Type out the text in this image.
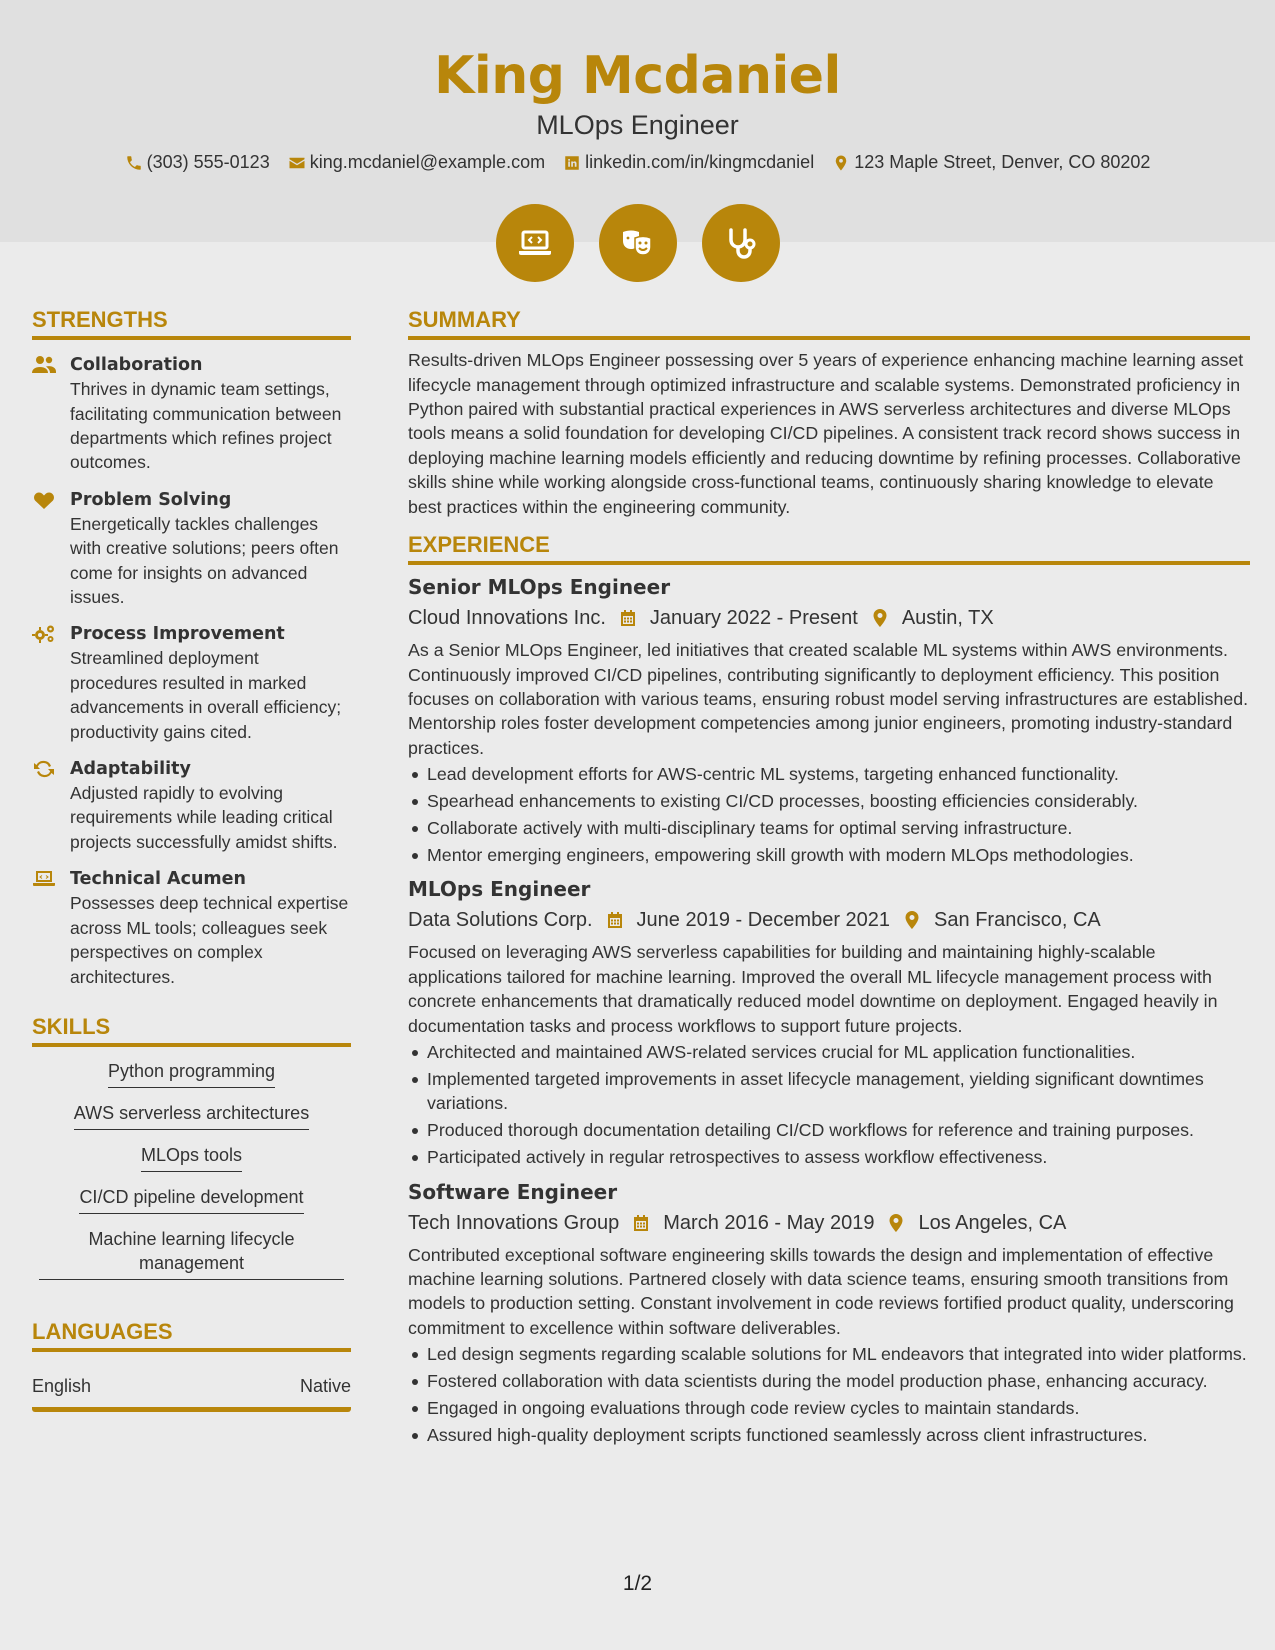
King Mcdaniel
MLOps Engineer
(303) 555-0123 king.mcdaniel@example.com linkedin.com/in/kingmcdaniel 123 Maple Street, Denver, CO 80202
STRENGTHS
Collaboration
Thrives in dynamic team settings, facilitating communication between departments which refines project outcomes.
Problem Solving
Energetically tackles challenges with creative solutions; peers often come for insights on advanced issues.
Process Improvement
Streamlined deployment procedures resulted in marked advancements in overall efficiency; productivity gains cited.
Adaptability
Adjusted rapidly to evolving requirements while leading critical projects successfully amidst shifts.
Technical Acumen
Possesses deep technical expertise across ML tools; colleagues seek perspectives on complex architectures.
SKILLS
Python programming
AWS serverless architectures
MLOps tools
CI/CD pipeline development
Machine learning lifecycle management
LANGUAGES
English	Native
SUMMARY
Results-driven MLOps Engineer possessing over 5 years of experience enhancing machine learning asset lifecycle management through optimized infrastructure and scalable systems. Demonstrated proficiency in Python paired with substantial practical experiences in AWS serverless architectures and diverse MLOps tools means a solid foundation for developing CI/CD pipelines. A consistent track record shows success in deploying machine learning models efficiently and reducing downtime by refining processes. Collaborative skills shine while working alongside cross-functional teams, continuously sharing knowledge to elevate best practices within the engineering community.
EXPERIENCE
Senior MLOps Engineer
Cloud Innovations Inc. January 2022 - Present Austin, TX
As a Senior MLOps Engineer, led initiatives that created scalable ML systems within AWS environments. Continuously improved CI/CD pipelines, contributing significantly to deployment efficiency. This position focuses on collaboration with various teams, ensuring robust model serving infrastructures are established. Mentorship roles foster development competencies among junior engineers, promoting industry-standard practices.
Lead development efforts for AWS-centric ML systems, targeting enhanced functionality.
Spearhead enhancements to existing CI/CD processes, boosting efficiencies considerably.
Collaborate actively with multi-disciplinary teams for optimal serving infrastructure.
Mentor emerging engineers, empowering skill growth with modern MLOps methodologies.
MLOps Engineer
Data Solutions Corp. June 2019 - December 2021 San Francisco, CA
Focused on leveraging AWS serverless capabilities for building and maintaining highly-scalable applications tailored for machine learning. Improved the overall ML lifecycle management process with concrete enhancements that dramatically reduced model downtime on deployment. Engaged heavily in documentation tasks and process workflows to support future projects.
Architected and maintained AWS-related services crucial for ML application functionalities.
Implemented targeted improvements in asset lifecycle management, yielding significant downtimes variations.
Produced thorough documentation detailing CI/CD workflows for reference and training purposes.
Participated actively in regular retrospectives to assess workflow effectiveness.
Software Engineer
Tech Innovations Group March 2016 - May 2019 Los Angeles, CA
Contributed exceptional software engineering skills towards the design and implementation of effective machine learning solutions. Partnered closely with data science teams, ensuring smooth transitions from models to production setting. Constant involvement in code reviews fortified product quality, underscoring commitment to excellence within software deliverables.
Led design segments regarding scalable solutions for ML endeavors that integrated into wider platforms.
Fostered collaboration with data scientists during the model production phase, enhancing accuracy.
Engaged in ongoing evaluations through code review cycles to maintain standards.
Assured high-quality deployment scripts functioned seamlessly across client infrastructures.
1/2
